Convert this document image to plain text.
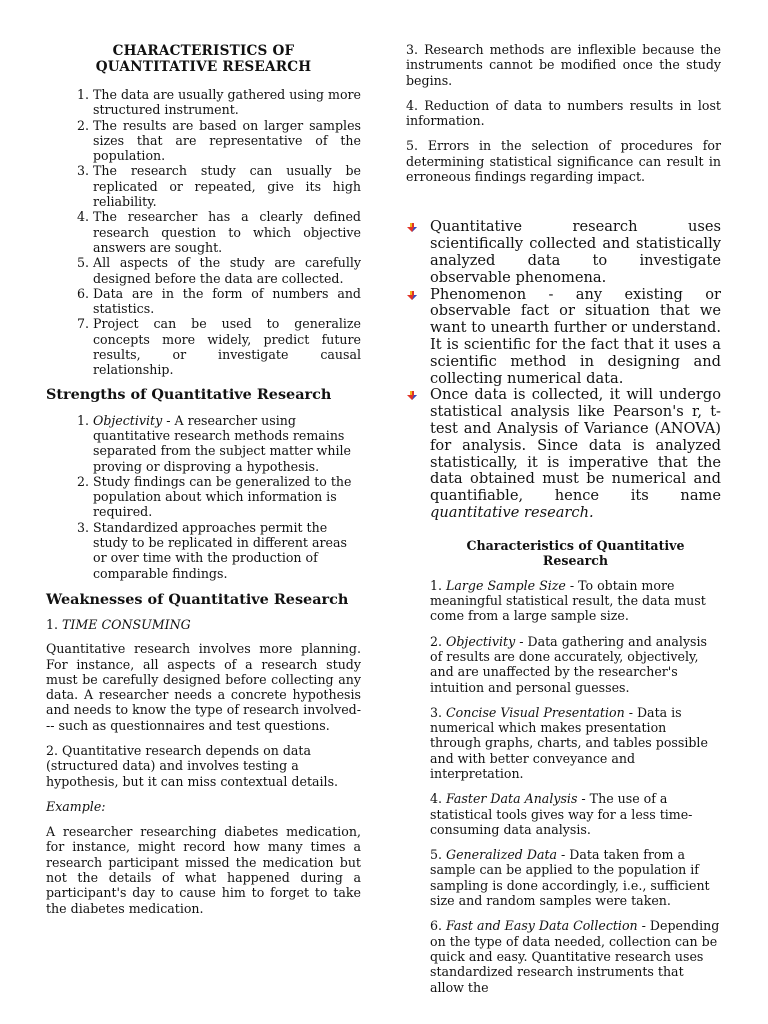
CHARACTERISTICS OF
QUANTITATIVE RESEARCH
1. The data are usually gathered using more structured instrument.
2. The results are based on larger samples sizes that are representative of the population.
3. The research study can usually be replicated or repeated, give its high reliability.
4. The researcher has a clearly defined research question to which objective answers are sought.
5. All aspects of the study are carefully designed before the data are collected.
6. Data are in the form of numbers and statistics.
7. Project can be used to generalize concepts more widely, predict future results, or investigate causal relationship.
Strengths of Quantitative Research
1. Objectivity - A researcher using quantitative research methods remains separated from the subject matter while proving or disproving a hypothesis.
2. Study findings can be generalized to the population about which information is required.
3. Standardized approaches permit the study to be replicated in different areas or over time with the production of comparable findings.
Weaknesses of Quantitative Research

1. TIME CONSUMING

Quantitative research involves more planning. For instance, all aspects of a research study must be carefully designed before collecting any data. A researcher needs a concrete hypothesis and needs to know the type of research involved--- such as questionnaires and test questions.

2. Quantitative research depends on data (structured data) and involves testing a hypothesis, but it can miss contextual details.

Example:

A researcher researching diabetes medication, for instance, might record how many times a research participant missed the medication but not the details of what happened during a participant's day to cause him to forget to take the diabetes medication.

3. Research methods are inflexible because the instruments cannot be modified once the study begins.

4. Reduction of data to numbers results in lost information.

5. Errors in the selection of procedures for determining statistical significance can result in erroneous findings regarding impact.

Quantitative research uses scientifically collected and statistically analyzed data to investigate observable phenomena.
Phenomenon - any existing or observable fact or situation that we want to unearth further or understand. It is scientific for the fact that it uses a scientific method in designing and collecting numerical data.
Once data is collected, it will undergo statistical analysis like Pearson's r, t-test and Analysis of Variance (ANOVA) for analysis. Since data is analyzed statistically, it is imperative that the data obtained must be numerical and quantifiable, hence its name quantitative research.
Characteristics of Quantitative
Research

1. Large Sample Size - To obtain more meaningful statistical result, the data must come from a large sample size.

2. Objectivity - Data gathering and analysis of results are done accurately, objectively, and are unaffected by the researcher's intuition and personal guesses.

3. Concise Visual Presentation - Data is numerical which makes presentation through graphs, charts, and tables possible and with better conveyance and interpretation.

4. Faster Data Analysis - The use of a statistical tools gives way for a less time-consuming data analysis.

5. Generalized Data - Data taken from a sample can be applied to the population if sampling is done accordingly, i.e., sufficient size and random samples were taken.

6. Fast and Easy Data Collection - Depending on the type of data needed, collection can be quick and easy. Quantitative research uses standardized research instruments that allow the
